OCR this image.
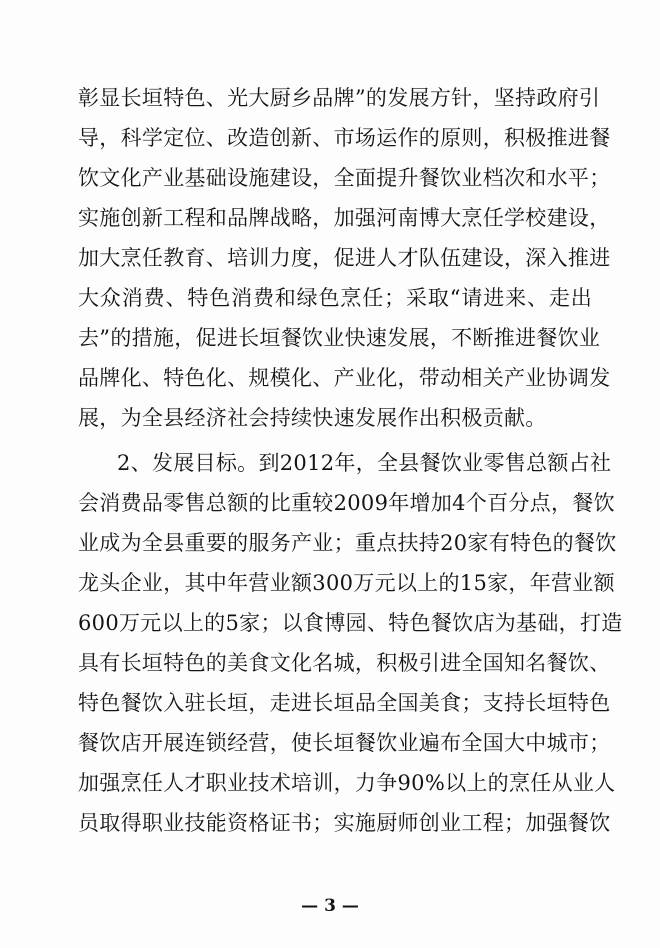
彰显长垣特色、光大厨乡品牌”的发展方针，坚持政府引
导，科学定位、改造创新、市场运作的原则，积极推进餐
饮文化产业基础设施建设，全面提升餐饮业档次和水平；
实施创新工程和品牌战略，加强河南博大烹任学校建设，
加大烹任教育、培训力度，促进人才队伍建设，深入推进
大众消费、特色消费和绿色烹任；采取“请进来、走出
去”的措施，促进长垣餐饮业快速发展，不断推进餐饮业
品牌化、特色化、规模化、产业化，带动相关产业协调发
展，为全县经济社会持续快速发展作出积极贡献。
2、发展目标。到2012年，全县餐饮业零售总额占社
会消费品零售总额的比重较2009年增加4个百分点，餐饮
业成为全县重要的服务产业；重点扶持20家有特色的餐饮
龙头企业，其中年营业额300万元以上的15家，年营业额
600万元以上的5家；以食博园、特色餐饮店为基础，打造
具有长垣特色的美食文化名城，积极引进全国知名餐饮、
特色餐饮入驻长垣，走进长垣品全国美食；支持长垣特色
餐饮店开展连锁经营，使长垣餐饮业遍布全国大中城市；
加强烹任人才职业技术培训，力争90%以上的烹任从业人
员取得职业技能资格证书；实施厨师创业工程；加强餐饮
— 3 —
